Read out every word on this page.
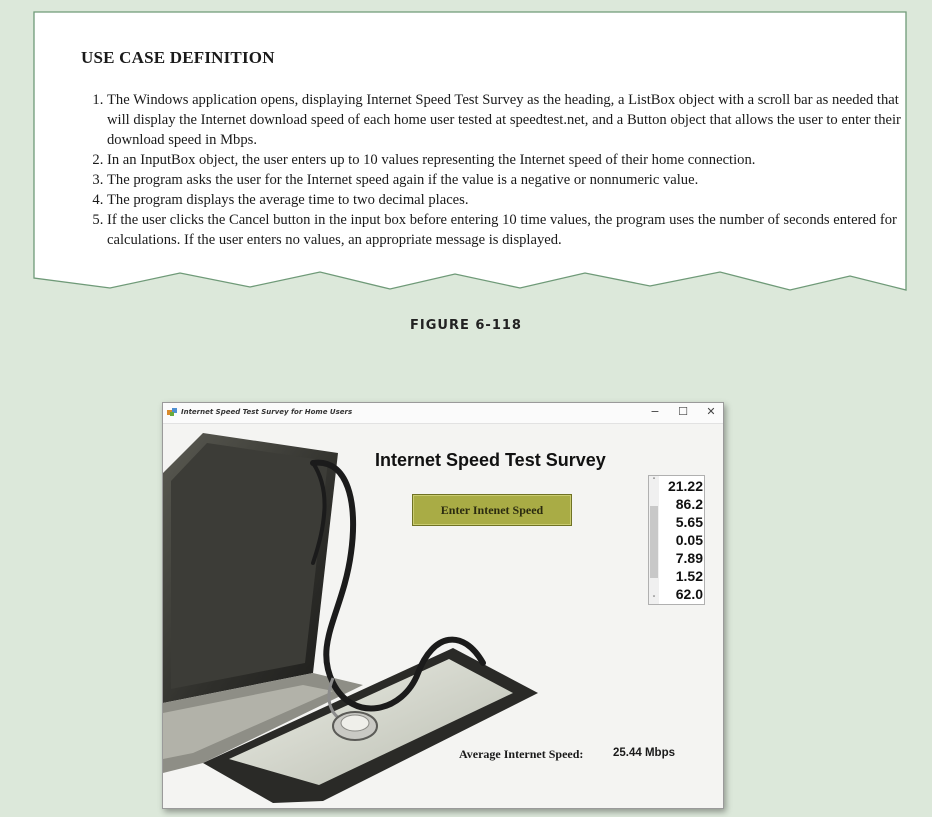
USE CASE DEFINITION
1. The Windows application opens, displaying Internet Speed Test Survey as the heading, a ListBox object with a scroll bar as needed that will display the Internet download speed of each home user tested at speedtest.net, and a Button object that allows the user to enter their download speed in Mbps.
2. In an InputBox object, the user enters up to 10 values representing the Internet speed of their home connection.
3. The program asks the user for the Internet speed again if the value is a negative or nonnumeric value.
4. The program displays the average time to two decimal places.
5. If the user clicks the Cancel button in the input box before entering 10 time values, the program uses the number of seconds entered for calculations. If the user enters no values, an appropriate message is displayed.
FIGURE 6-118
Internet Speed Test Survey for Home Users	−	☐	✕
Internet Speed Test Survey
Enter Intenet Speed
˄
˅
21.22
86.2
5.65
0.05
7.89
1.52
62.0
Average Internet Speed:	25.44 Mbps
